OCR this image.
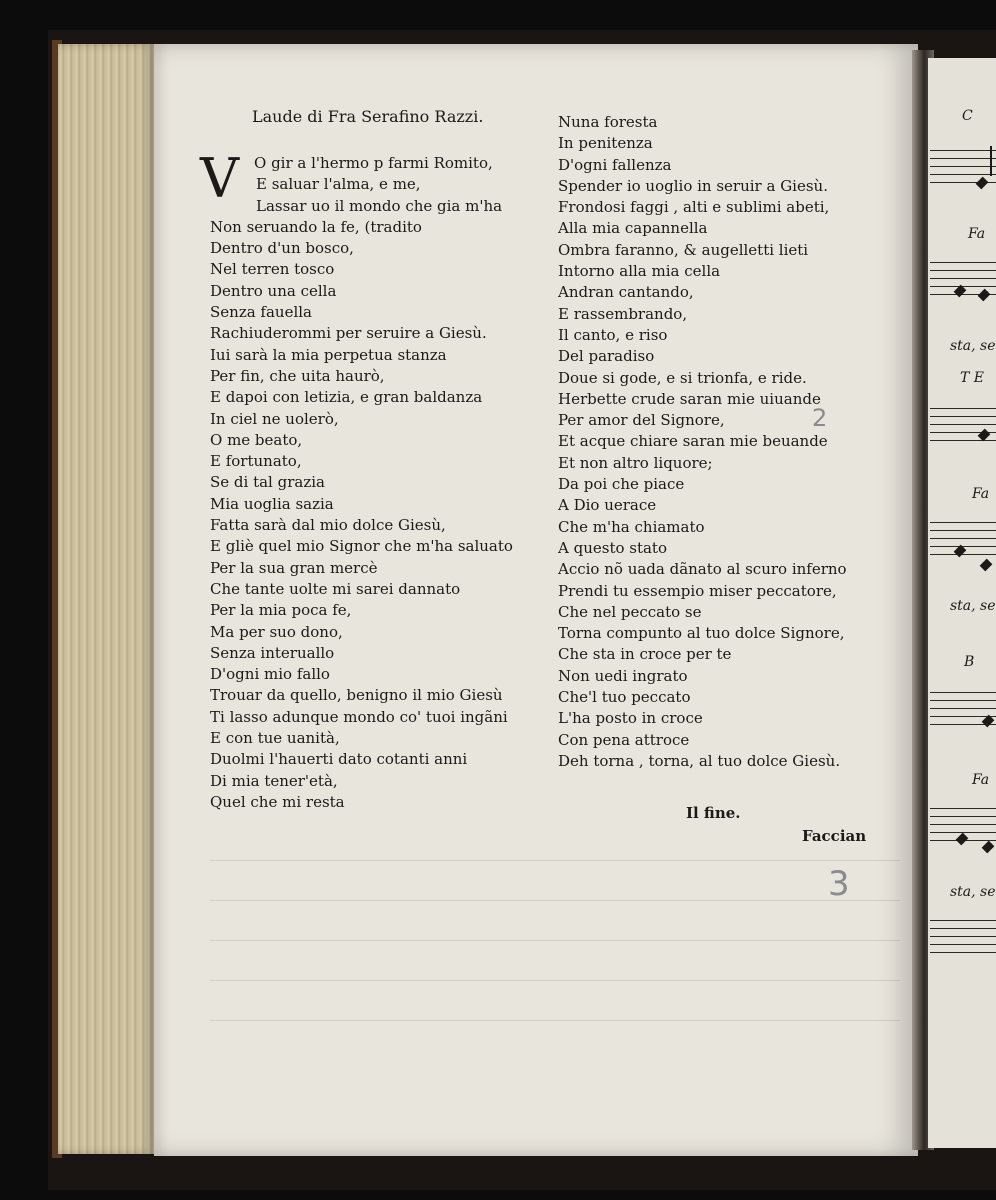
Laude di Fra Serafino Razzi.
V	O gir a l'hermo p farmi Romito,
E saluar l'alma, e me,
Lassar uo il mondo che gia m'ha
Non seruando la fe, (tradito
Dentro d'un bosco,
Nel terren tosco
Dentro una cella
Senza fauella
Rachiuderommi per seruire a Giesù.
Iui sarà la mia perpetua stanza
Per fin, che uita haurò,
E dapoi con letizia, e gran baldanza
In ciel ne uolerò,
O me beato,
E fortunato,
Se di tal grazia
Mia uoglia sazia
Fatta sarà dal mio dolce Giesù,
E gliè quel mio Signor che m'ha saluato
Per la sua gran mercè
Che tante uolte mi sarei dannato
Per la mia poca fe,
Ma per suo dono,
Senza interuallo
D'ogni mio fallo
Trouar da quello, benigno il mio Giesù
Ti lasso adunque mondo co' tuoi ingãni
E con tue uanità,
Duolmi l'hauerti dato cotanti anni
Di mia tener'età,
Quel che mi resta
Nuna foresta
In penitenza
D'ogni fallenza
Spender io uoglio in seruir a Giesù.
Frondosi faggi , alti e sublimi abeti,
Alla mia capannella
Ombra faranno, & augelletti lieti
Intorno alla mia cella
Andran cantando,
E rassembrando,
Il canto, e riso
Del paradiso
Doue si gode, e si trionfa, e ride.
Herbette crude saran mie uiuande
Per amor del Signore,
Et acque chiare saran mie beuande
Et non altro liquore;
Da poi che piace
A Dio uerace
Che m'ha chiamato
A questo stato
Accio nõ uada dãnato al scuro inferno
Prendi tu essempio miser peccatore,
Che nel peccato se
Torna compunto al tuo dolce Signore,
Che sta in croce per te
Non uedi ingrato
Che'l tuo peccato
L'ha posto in croce
Con pena attroce
Deh torna , torna, al tuo dolce Giesù.
Il fine.
Faccian
2
3
C
Fa
sta, se
T E
Fa
sta, se
B
Fa
sta, se
